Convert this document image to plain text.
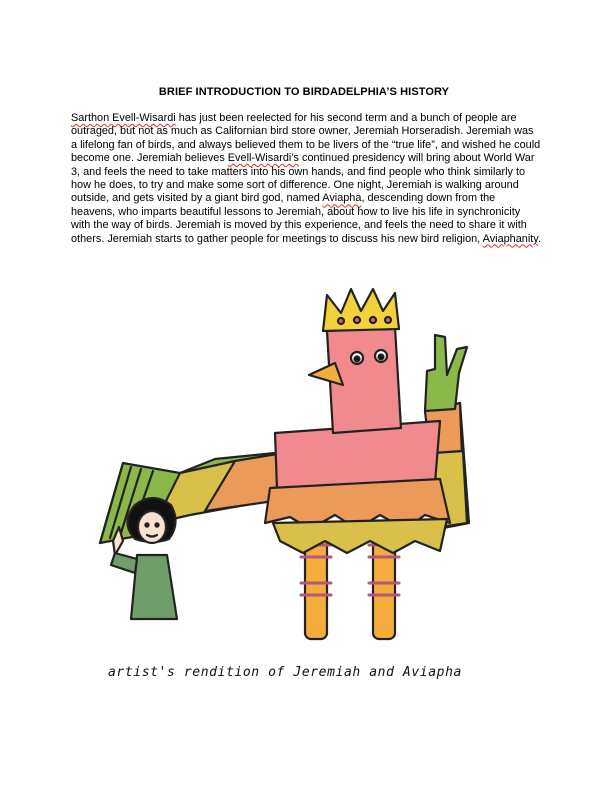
BRIEF INTRODUCTION TO BIRDADELPHIA’S HISTORY

Sarthon Evell-Wisardi has just been reelected for his second term and a bunch of people are outraged, but not as much as Californian bird store owner, Jeremiah Horseradish. Jeremiah was a lifelong fan of birds, and always believed them to be livers of the “true life”, and wished he could become one. Jeremiah believes Evell-Wisardi’s continued presidency will bring about World War 3, and feels the need to take matters into his own hands, and find people who think similarly to how he does, to try and make some sort of difference. One night, Jeremiah is walking around outside, and gets visited by a giant bird god, named Aviapha, descending down from the heavens, who imparts beautiful lessons to Jeremiah, about how to live his life in synchronicity with the way of birds. Jeremiah is moved by this experience, and feels the need to share it with others. Jeremiah starts to gather people for meetings to discuss his new bird religion, Aviaphanity.

artist's rendition of Jeremiah and Aviapha
